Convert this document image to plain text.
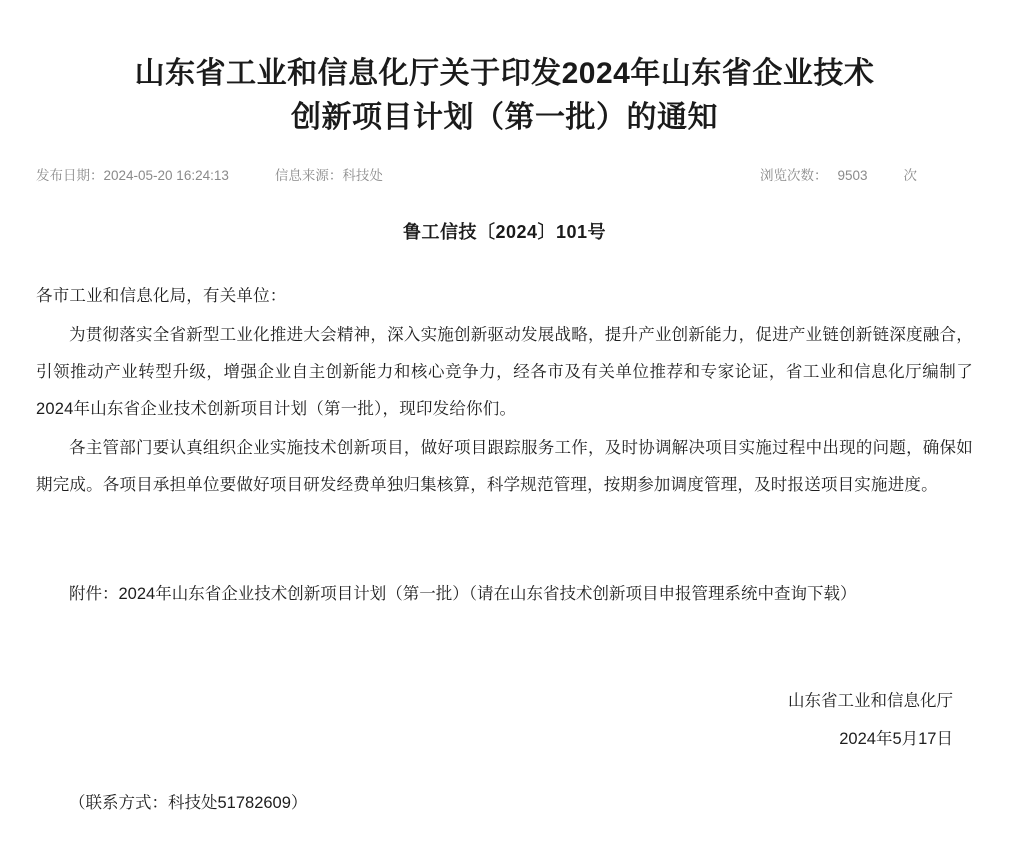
山东省工业和信息化厅关于印发2024年山东省企业技术创新项目计划（第一批）的通知
发布日期：2024-05-20 16:24:13	信息来源：科技处	浏览次数： 9503	次
鲁工信技〔2024〕101号

各市工业和信息化局，有关单位：

为贯彻落实全省新型工业化推进大会精神，深入实施创新驱动发展战略，提升产业创新能力，促进产业链创新链深度融合，引领推动产业转型升级，增强企业自主创新能力和核心竞争力，经各市及有关单位推荐和专家论证，省工业和信息化厅编制了2024年山东省企业技术创新项目计划（第一批），现印发给你们。

各主管部门要认真组织企业实施技术创新项目，做好项目跟踪服务工作，及时协调解决项目实施过程中出现的问题，确保如期完成。各项目承担单位要做好项目研发经费单独归集核算，科学规范管理，按期参加调度管理，及时报送项目实施进度。

附件：2024年山东省企业技术创新项目计划（第一批）（请在山东省技术创新项目申报管理系统中查询下载）
山东省工业和信息化厅
2024年5月17日
（联系方式：科技处51782609）
